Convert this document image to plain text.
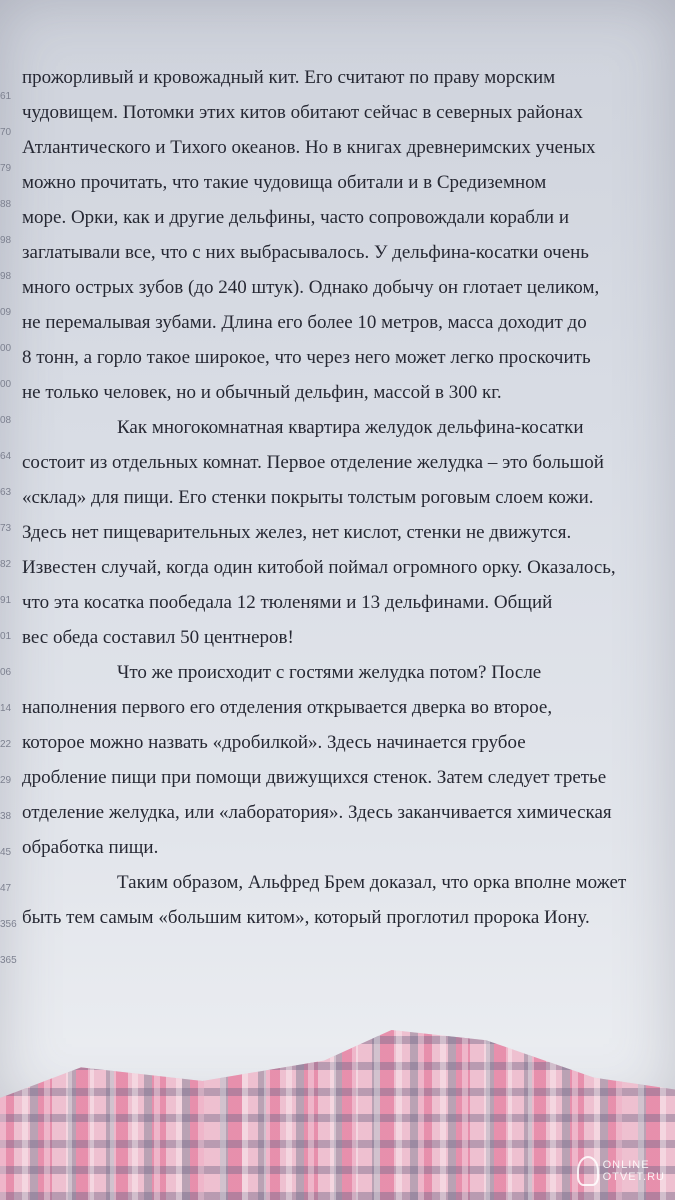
61
70
79
88
98
98
09
00
00
08
64
63
73
82
91
01
06
14
22
29
38
45
47
356
365

прожорливый и кровожадный кит. Его считают по праву морским
чудовищем. Потомки этих китов обитают сейчас в северных районах
Атлантического и Тихого океанов. Но в книгах древнеримских ученых
можно прочитать, что такие чудовища обитали и в Средиземном
море. Орки, как и другие дельфины, часто сопровождали корабли и
заглатывали все, что с них выбрасывалось. У дельфина-косатки очень
много острых зубов (до 240 штук). Однако добычу он глотает целиком,
не перемалывая зубами. Длина его более 10 метров, масса доходит до
8 тонн, а горло такое широкое, что через него может легко проскочить
не только человек, но и обычный дельфин, массой в 300 кг.

Как многокомнатная квартира желудок дельфина-косатки
состоит из отдельных комнат. Первое отделение желудка – это большой
«склад» для пищи. Его стенки покрыты толстым роговым слоем кожи.
Здесь нет пищеварительных желез, нет кислот, стенки не движутся.
Известен случай, когда один китобой поймал огромного орку. Оказалось,
что эта косатка пообедала 12 тюленями и 13 дельфинами. Общий
вес обеда составил 50 центнеров!

Что же происходит с гостями желудка потом? После
наполнения первого его отделения открывается дверка во второе,
которое можно назвать «дробилкой». Здесь начинается грубое
дробление пищи при помощи движущихся стенок. Затем следует третье
отделение желудка, или «лаборатория». Здесь заканчивается химическая
обработка пищи.

Таким образом, Альфред Брем доказал, что орка вполне может
быть тем самым «большим китом», который проглотил пророка Иону.

ONLINE
OTVET.RU
